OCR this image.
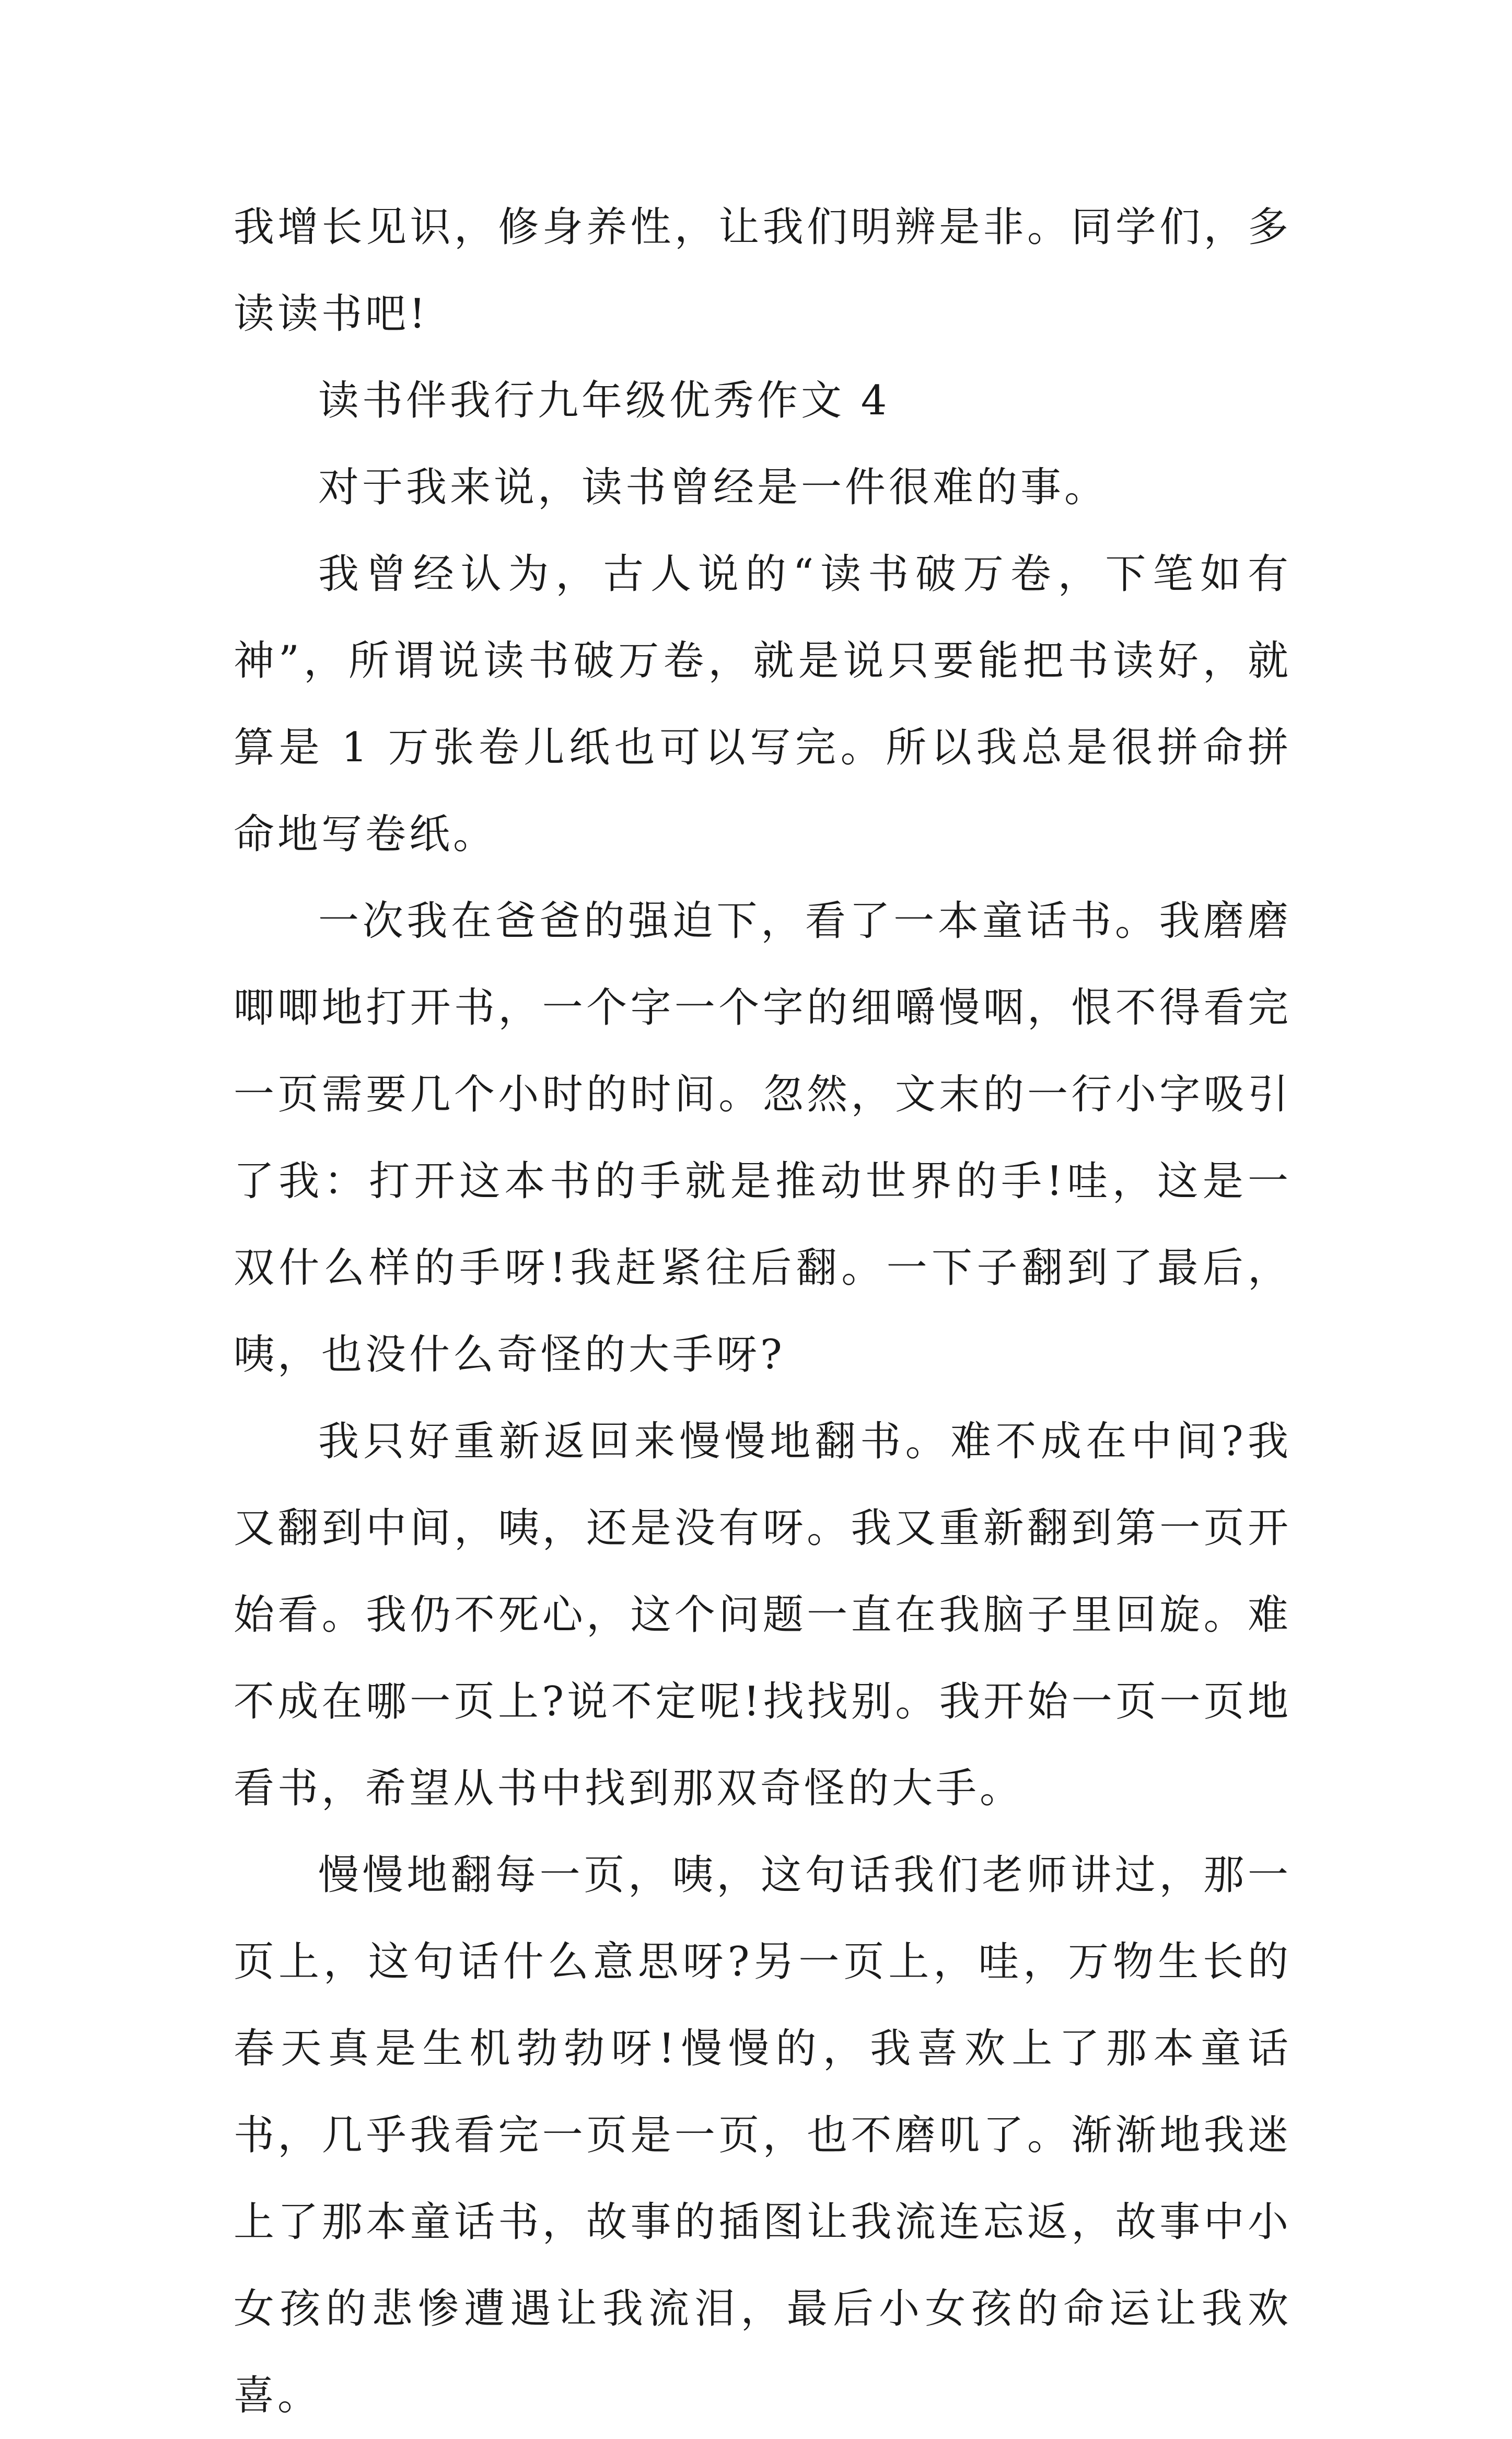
我增长见识，修身养性，让我们明辨是非。同学们，多读读书吧!

读书伴我行九年级优秀作文 4

对于我来说，读书曾经是一件很难的事。

我曾经认为，古人说的“读书破万卷，下笔如有神”，所谓说读书破万卷，就是说只要能把书读好，就算是 1 万张卷儿纸也可以写完。所以我总是很拼命拼命地写卷纸。

一次我在爸爸的强迫下，看了一本童话书。我磨磨唧唧地打开书，一个字一个字的细嚼慢咽，恨不得看完一页需要几个小时的时间。忽然，文末的一行小字吸引了我：打开这本书的手就是推动世界的手!哇，这是一双什么样的手呀!我赶紧往后翻。一下子翻到了最后，咦，也没什么奇怪的大手呀?

我只好重新返回来慢慢地翻书。难不成在中间?我又翻到中间，咦，还是没有呀。我又重新翻到第一页开始看。我仍不死心，这个问题一直在我脑子里回旋。难不成在哪一页上?说不定呢!找找别。我开始一页一页地看书，希望从书中找到那双奇怪的大手。

慢慢地翻每一页，咦，这句话我们老师讲过，那一页上，这句话什么意思呀?另一页上，哇，万物生长的春天真是生机勃勃呀!慢慢的，我喜欢上了那本童话书，几乎我看完一页是一页，也不磨叽了。渐渐地我迷上了那本童话书，故事的插图让我流连忘返，故事中小女孩的悲惨遭遇让我流泪，最后小女孩的命运让我欢喜。
